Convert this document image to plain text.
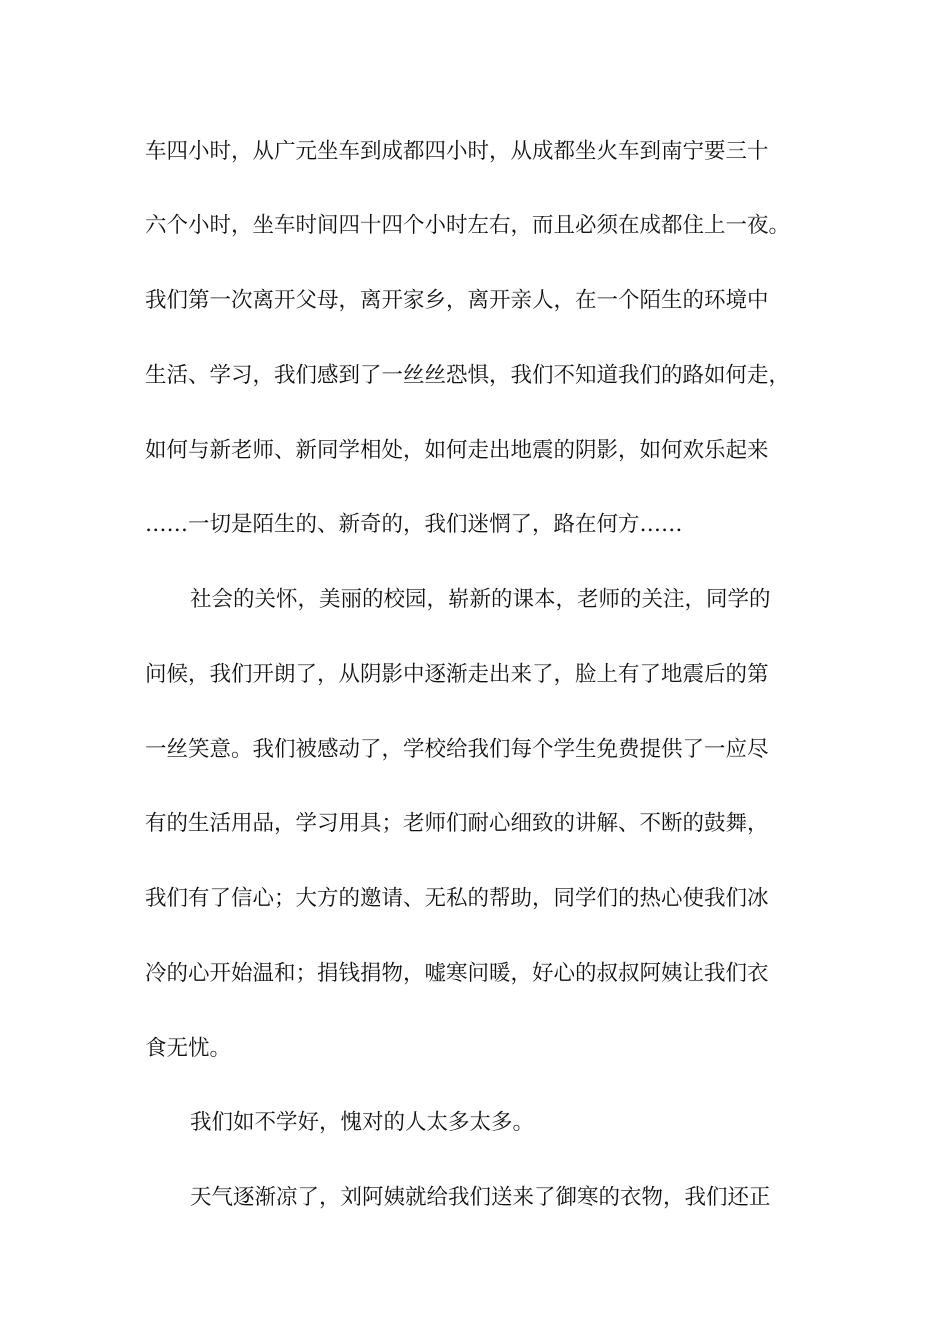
车四小时，从广元坐车到成都四小时，从成都坐火车到南宁要三十
六个小时，坐车时间四十四个小时左右，而且必须在成都住上一夜。
我们第一次离开父母，离开家乡，离开亲人，在一个陌生的环境中
生活、学习，我们感到了一丝丝恐惧，我们不知道我们的路如何走，
如何与新老师、新同学相处，如何走出地震的阴影，如何欢乐起来
……一切是陌生的、新奇的，我们迷惘了，路在何方……
社会的关怀，美丽的校园，崭新的课本，老师的关注，同学的
问候，我们开朗了，从阴影中逐渐走出来了，脸上有了地震后的第
一丝笑意。我们被感动了，学校给我们每个学生免费提供了一应尽
有的生活用品，学习用具；老师们耐心细致的讲解、不断的鼓舞，
我们有了信心；大方的邀请、无私的帮助，同学们的热心使我们冰
冷的心开始温和；捐钱捐物，嘘寒问暖，好心的叔叔阿姨让我们衣
食无忧。
我们如不学好，愧对的人太多太多。
天气逐渐凉了，刘阿姨就给我们送来了御寒的衣物，我们还正
